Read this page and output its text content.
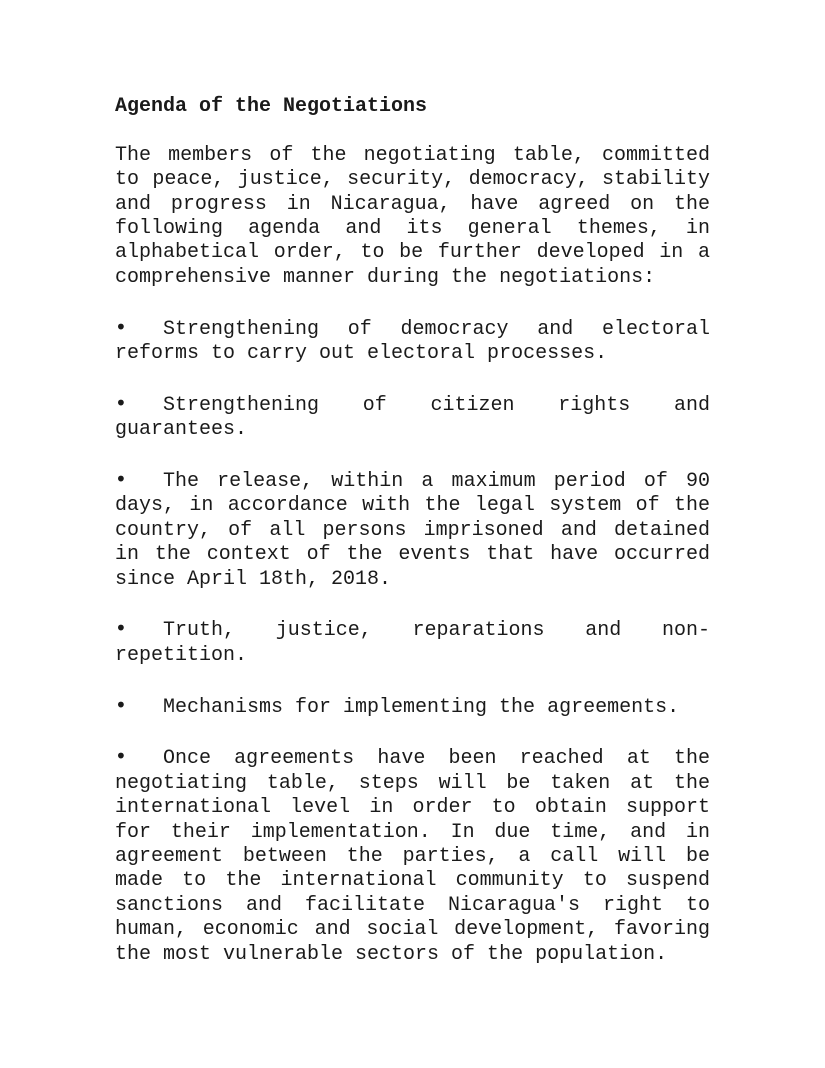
Agenda of the Negotiations
The members of the negotiating table, committed to peace, justice, security, democracy, stability and progress in Nicaragua, have agreed on the following agenda and its general themes, in alphabetical order, to be further developed in a comprehensive manner during the negotiations:
• Strengthening of democracy and electoral reforms to carry out electoral processes.
• Strengthening of citizen rights and guarantees.
• The release, within a maximum period of 90 days, in accordance with the legal system of the country, of all persons imprisoned and detained in the context of the events that have occurred since April 18th, 2018.
• Truth, justice, reparations and non-repetition.
• Mechanisms for implementing the agreements.
• Once agreements have been reached at the negotiating table, steps will be taken at the international level in order to obtain support for their implementation. In due time, and in agreement between the parties, a call will be made to the international community to suspend sanctions and facilitate Nicaragua's right to human, economic and social development, favoring the most vulnerable sectors of the population.
